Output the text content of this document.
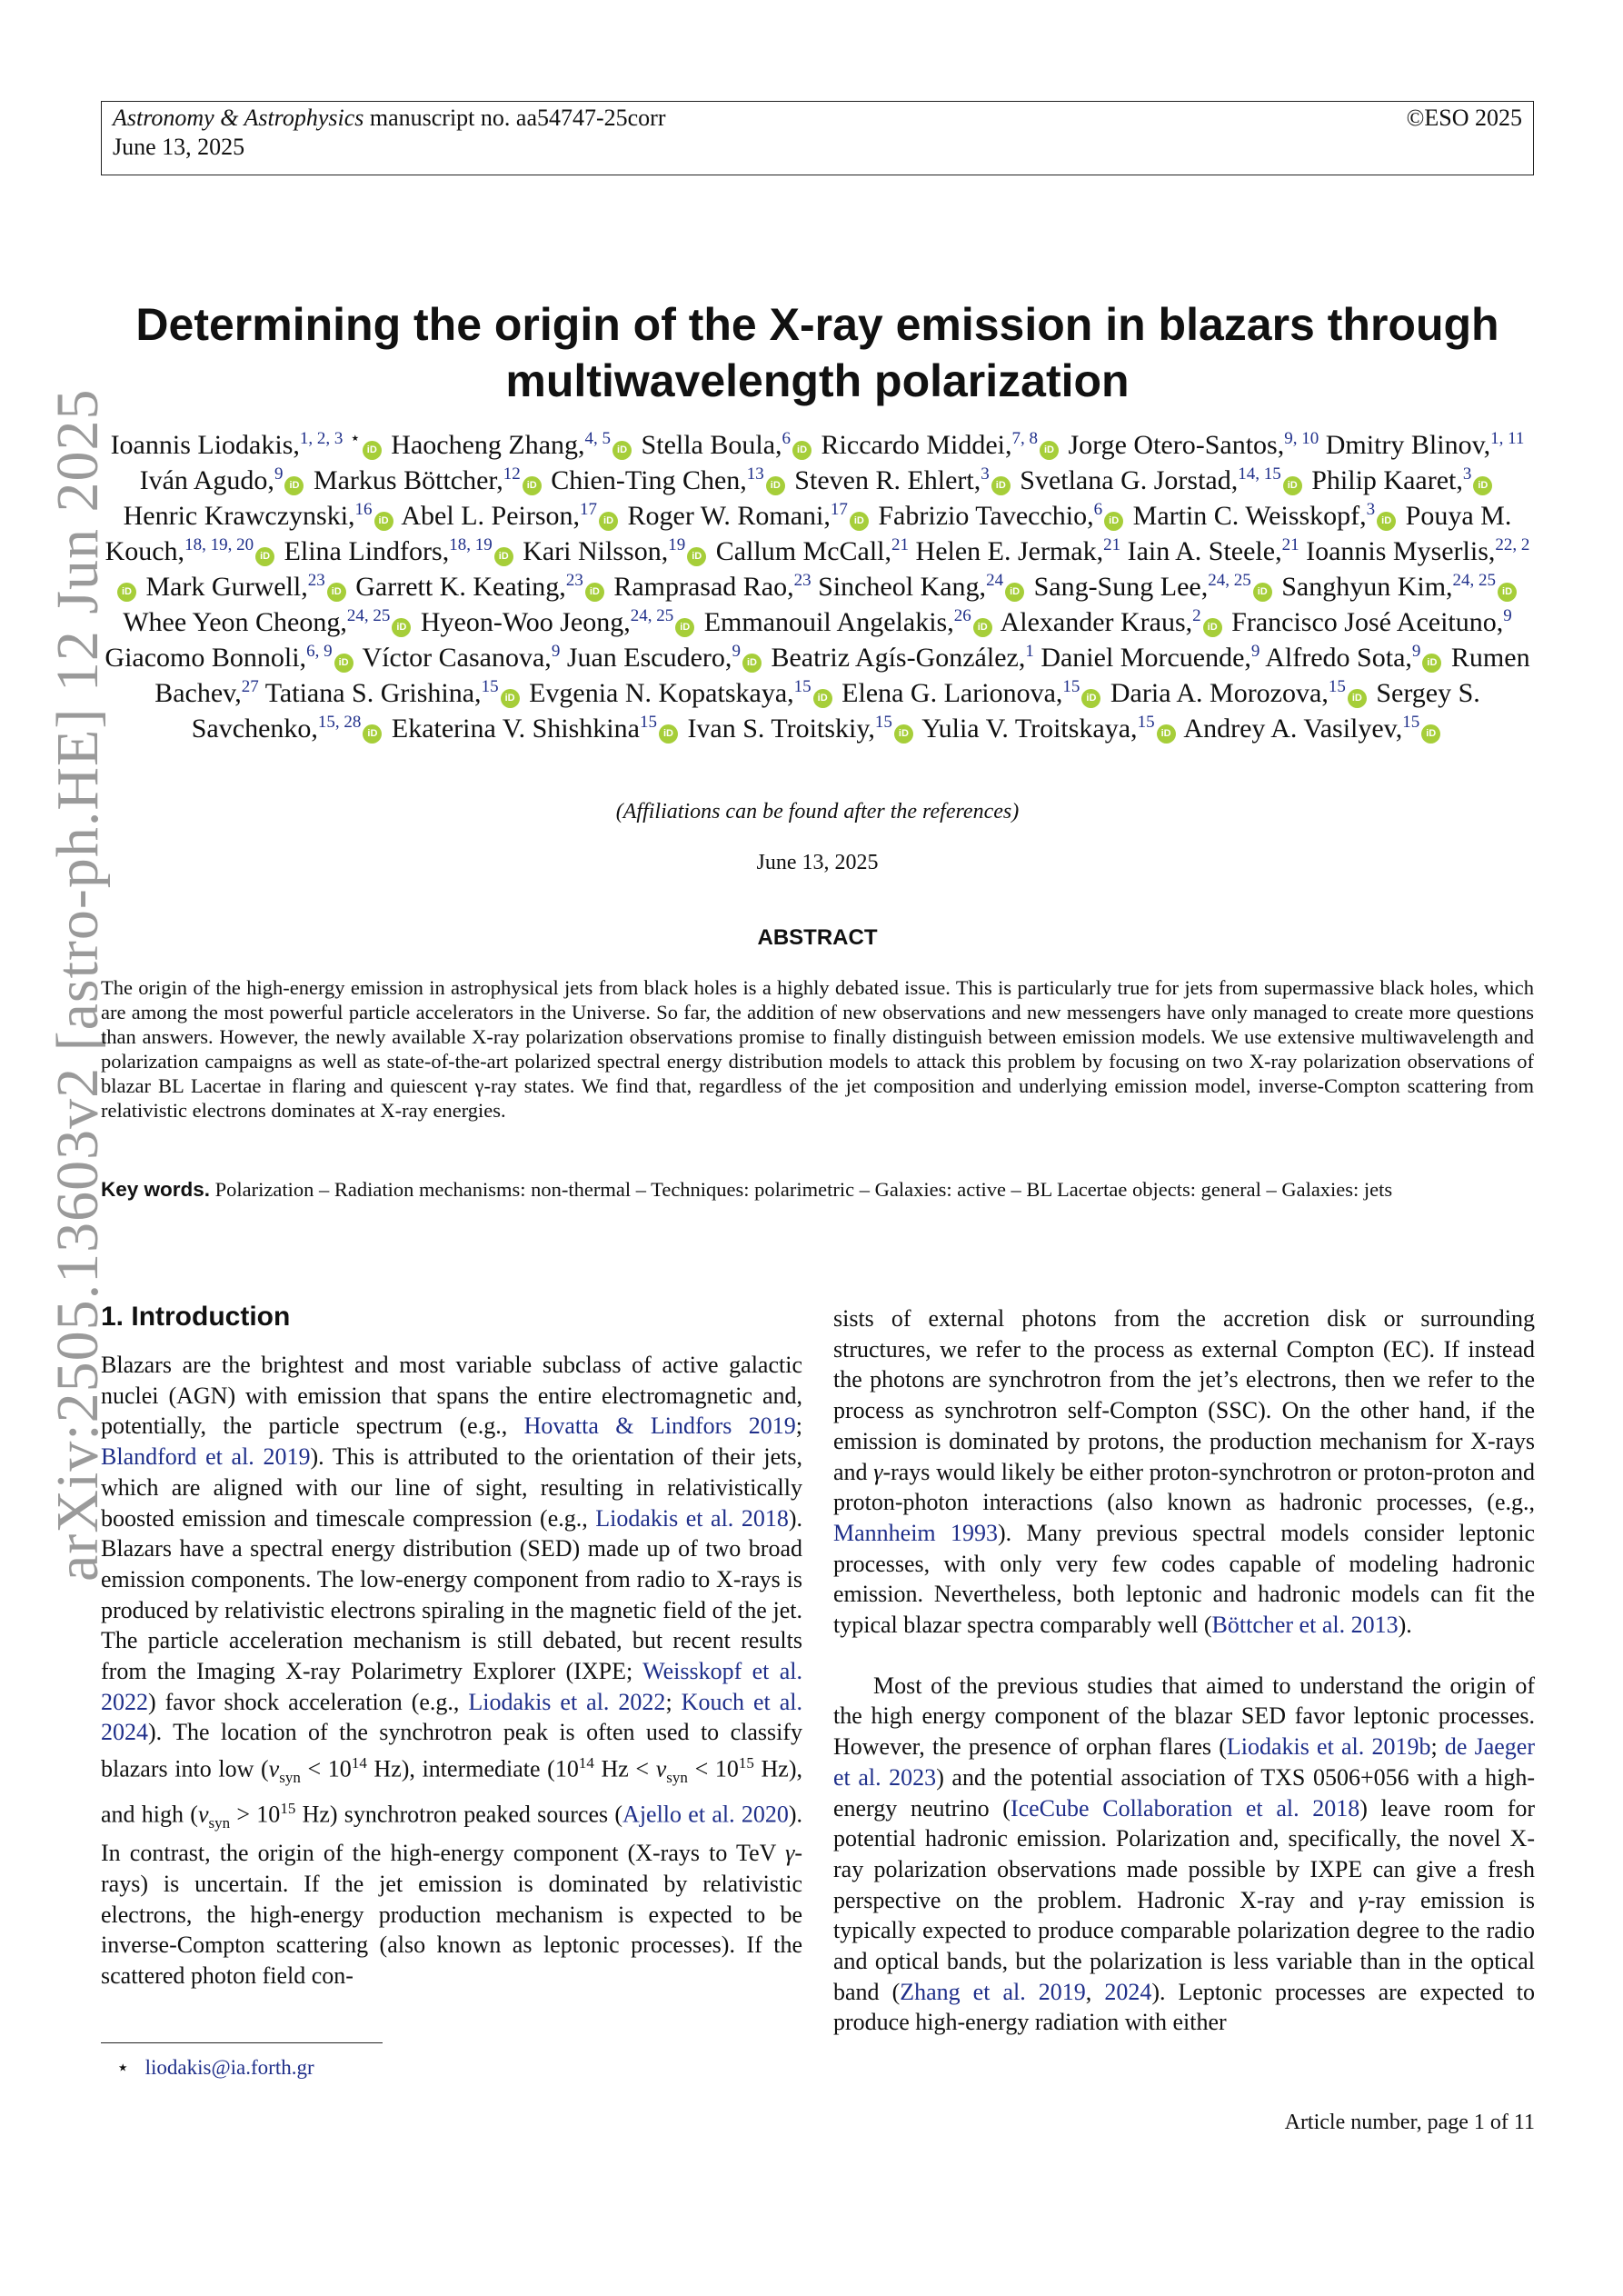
Astronomy & Astrophysics manuscript no. aa54747-25corr
June 13, 2025
©ESO 2025
arXiv:2505.13603v2 [astro-ph.HE] 12 Jun 2025
Determining the origin of the X-ray emission in blazars through multiwavelength polarization
Ioannis Liodakis,$^{1, 2, 3}$ ⋆iD Haocheng Zhang,$^{4, 5}$iD Stella Boula,$^6$iD Riccardo Middei,$^{7, 8}$iD Jorge Otero-Santos,$^{9, 10}$ Dmitry Blinov,$^{1, 11}$ Iván Agudo,$^9$iD Markus Böttcher,$^{12}$iD Chien-Ting Chen,$^{13}$iD Steven R. Ehlert,$^3$iD Svetlana G. Jorstad,$^{14, 15}$iD Philip Kaaret,$^3$iD Henric Krawczynski,$^{16}$iD Abel L. Peirson,$^{17}$iD Roger W. Romani,$^{17}$iD Fabrizio Tavecchio,$^6$iD Martin C. Weisskopf,$^3$iD Pouya M. Kouch,$^{18, 19, 20}$iD Elina Lindfors,$^{18, 19}$iD Kari Nilsson,$^{19}$iD Callum McCall,$^{21}$ Helen E. Jermak,$^{21}$ Iain A. Steele,$^{21}$ Ioannis Myserlis,$^{22, 2}$iD Mark Gurwell,$^{23}$iD Garrett K. Keating,$^{23}$iD Ramprasad Rao,$^{23}$ Sincheol Kang,$^{24}$iD Sang-Sung Lee,$^{24, 25}$iD Sanghyun Kim,$^{24, 25}$iD Whee Yeon Cheong,$^{24, 25}$iD Hyeon-Woo Jeong,$^{24, 25}$iD Emmanouil Angelakis,$^{26}$iD Alexander Kraus,$^2$iD Francisco José Aceituno,$^9$ Giacomo Bonnoli,$^{6, 9}$iD Víctor Casanova,$^9$ Juan Escudero,$^9$iD Beatriz Agís-González,$^1$ Daniel Morcuende,$^9$ Alfredo Sota,$^9$iD Rumen Bachev,$^{27}$ Tatiana S. Grishina,$^{15}$iD Evgenia N. Kopatskaya,$^{15}$iD Elena G. Larionova,$^{15}$iD Daria A. Morozova,$^{15}$iD Sergey S. Savchenko,$^{15, 28}$iD Ekaterina V. Shishkina$^{15}$iD Ivan S. Troitskiy,$^{15}$iD Yulia V. Troitskaya,$^{15}$iD Andrey A. Vasilyev,$^{15}$iD
(Affiliations can be found after the references)
June 13, 2025
ABSTRACT
The origin of the high-energy emission in astrophysical jets from black holes is a highly debated issue. This is particularly true for jets from supermassive black holes, which are among the most powerful particle accelerators in the Universe. So far, the addition of new observations and new messengers have only managed to create more questions than answers. However, the newly available X-ray polarization observations promise to finally distinguish between emission models. We use extensive multiwavelength and polarization campaigns as well as state-of-the-art polarized spectral energy distribution models to attack this problem by focusing on two X-ray polarization observations of blazar BL Lacertae in flaring and quiescent γ-ray states. We find that, regardless of the jet composition and underlying emission model, inverse-Compton scattering from relativistic electrons dominates at X-ray energies.
Key words. Polarization – Radiation mechanisms: non-thermal – Techniques: polarimetric – Galaxies: active – BL Lacertae objects: general – Galaxies: jets
1. Introduction

Blazars are the brightest and most variable subclass of active galactic nuclei (AGN) with emission that spans the entire electromagnetic and, potentially, the particle spectrum (e.g., Hovatta & Lindfors 2019; Blandford et al. 2019). This is attributed to the orientation of their jets, which are aligned with our line of sight, resulting in relativistically boosted emission and timescale compression (e.g., Liodakis et al. 2018). Blazars have a spectral energy distribution (SED) made up of two broad emission components. The low-energy component from radio to X-rays is produced by relativistic electrons spiraling in the magnetic field of the jet. The particle acceleration mechanism is still debated, but recent results from the Imaging X-ray Polarimetry Explorer (IXPE; Weisskopf et al. 2022) favor shock acceleration (e.g., Liodakis et al. 2022; Kouch et al. 2024). The location of the synchrotron peak is often used to classify blazars into low ($\nu_{syn} < 10^{14}$ Hz), intermediate ($10^{14}$ $Hz < \nu_{syn} < 10^{15}$ Hz), and high ($\nu_{syn} > 10^{15}$ Hz) synchrotron peaked sources (Ajello et al. 2020). In contrast, the origin of the high-energy component (X-rays to TeV γ-rays) is uncertain. If the jet emission is dominated by relativistic electrons, the high-energy production mechanism is expected to be inverse-Compton scattering (also known as leptonic processes). If the scattered photon field con-

sists of external photons from the accretion disk or surrounding structures, we refer to the process as external Compton (EC). If instead the photons are synchrotron from the jet’s electrons, then we refer to the process as synchrotron self-Compton (SSC). On the other hand, if the emission is dominated by protons, the production mechanism for X-rays and γ-rays would likely be either proton-synchrotron or proton-proton and proton-photon interactions (also known as hadronic processes, (e.g., Mannheim 1993). Many previous spectral models consider leptonic processes, with only very few codes capable of modeling hadronic emission. Nevertheless, both leptonic and hadronic models can fit the typical blazar spectra comparably well (Böttcher et al. 2013).

Most of the previous studies that aimed to understand the origin of the high energy component of the blazar SED favor leptonic processes. However, the presence of orphan flares (Liodakis et al. 2019b; de Jaeger et al. 2023) and the potential association of TXS 0506+056 with a high-energy neutrino (IceCube Collaboration et al. 2018) leave room for potential hadronic emission. Polarization and, specifically, the novel X-ray polarization observations made possible by IXPE can give a fresh perspective on the problem. Hadronic X-ray and γ-ray emission is typically expected to produce comparable polarization degree to the radio and optical bands, but the polarization is less variable than in the optical band (Zhang et al. 2019, 2024). Leptonic processes are expected to produce high-energy radiation with either

⋆ liodakis@ia.forth.gr
Article number, page 1 of 11
